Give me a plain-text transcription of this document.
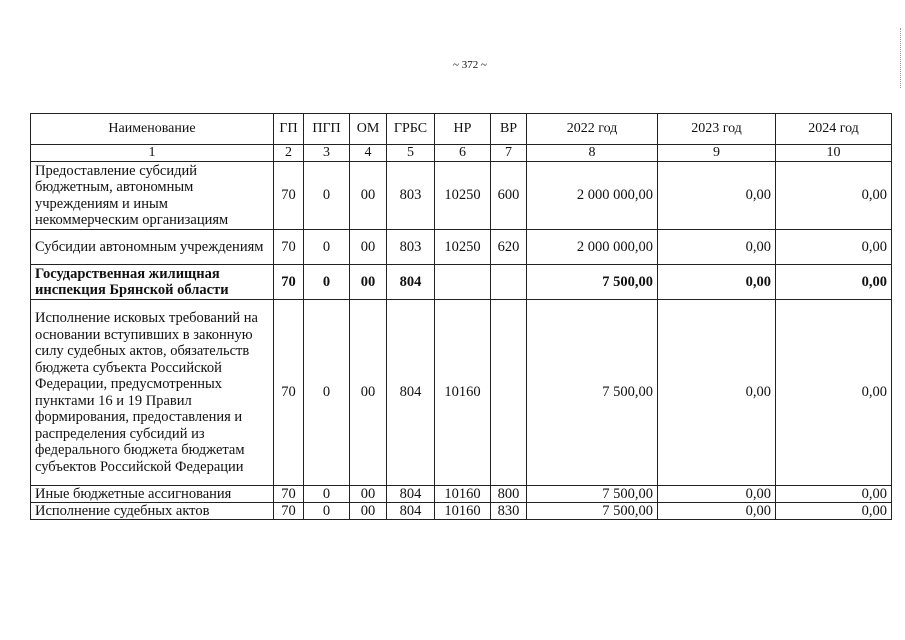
~ 372 ~
Наименование	ГП	ПГП	ОМ	ГРБС	НР	ВР	2022 год	2023 год	2024 год
1	2	3	4	5	6	7	8	9	10
Предоставление субсидий бюджетным, автономным учреждениям и иным некоммерческим организациям	70	0	00	803	10250	600	2 000 000,00	0,00	0,00
Субсидии автономным учреждениям	70	0	00	803	10250	620	2 000 000,00	0,00	0,00
Государственная жилищная инспекция Брянской области	70	0	00	804			7 500,00	0,00	0,00
Исполнение исковых требований на основании вступивших в законную силу судебных актов, обязательств бюджета субъекта Российской Федерации, предусмотренных пунктами 16 и 19 Правил формирования, предоставления и распределения субсидий из федерального бюджета бюджетам субъектов Российской Федерации	70	0	00	804	10160		7 500,00	0,00	0,00
Иные бюджетные ассигнования	70	0	00	804	10160	800	7 500,00	0,00	0,00
Исполнение судебных актов	70	0	00	804	10160	830	7 500,00	0,00	0,00
